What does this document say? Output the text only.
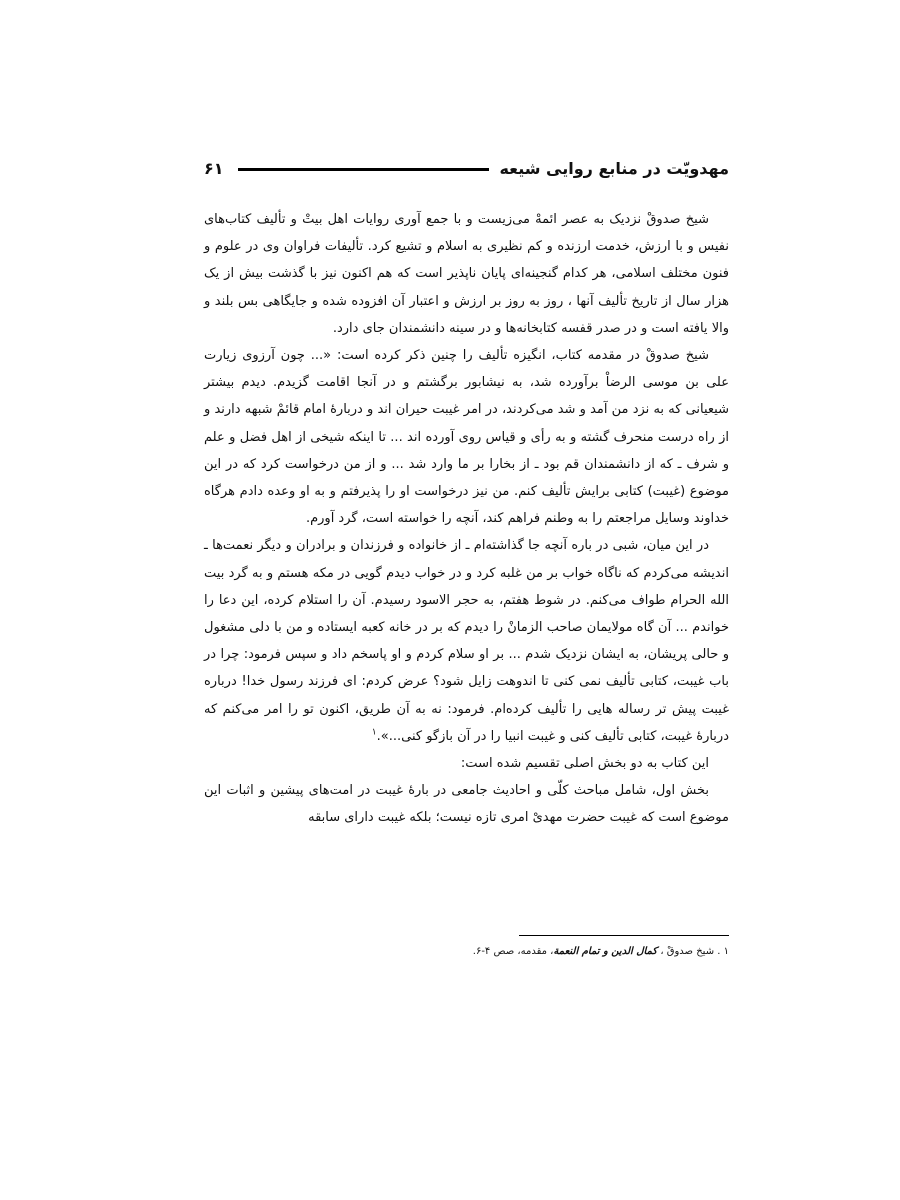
مهدویّت در منابع روایی شیعه
۶۱

شیخ صدوقْ نزدیک به عصر ائمهْ می‌زیست و با جمع آوری روایات اهل بیتْ و تألیف کتاب‌های نفیس و با ارزش، خدمت ارزنده و کم نظیری به اسلام و تشیع کرد. تألیفات فراوان وی در علوم و فنون مختلف اسلامی، هر کدام گنجینه‌ای پایان ناپذیر است که هم اکنون نیز با گذشت بیش از یک هزار سال از تاریخ تألیف آنها ، روز به روز بر ارزش و اعتبار آن افزوده شده و جایگاهی بس بلند و والا یافته است و در صدر قفسه کتابخانه‌ها و در سینه دانشمندان جای دارد.

شیخ صدوقْ در مقدمه کتاب، انگیزه تألیف را چنین ذکر کرده است: «... چون آرزوی زیارت علی بن موسی الرضاْ برآورده شد، به نیشابور برگشتم و در آنجا اقامت گزیدم. دیدم بیشتر شیعیانی که به نزد من آمد و شد می‌کردند، در امر غیبت حیران اند و دربارهٔ امام قائمْ شبهه دارند و از راه درست منحرف گشته و به رأی و قیاس روی آورده اند ... تا اینکه شیخی از اهل فضل و علم و شرف ـ که از دانشمندان قم بود ـ از بخارا بر ما وارد شد ... و از من درخواست کرد که در این موضوع (غیبت) کتابی برایش تألیف کنم. من نیز درخواست او را پذیرفتم و به او وعده دادم هرگاه خداوند وسایل مراجعتم را به وطنم فراهم کند، آنچه را خواسته است، گرد آورم.

در این میان، شبی در باره آنچه جا گذاشته‌ام ـ از خانواده و فرزندان و برادران و دیگر نعمت‌ها ـ اندیشه می‌کردم که ناگاه خواب بر من غلبه کرد و در خواب دیدم گویی در مکه هستم و به گرد بیت الله الحرام طواف می‌کنم. در شوط هفتم، به حجر الاسود رسیدم. آن را استلام کرده، این دعا را خواندم ... آن گاه مولایمان صاحب الزمانْ را دیدم که بر در خانه کعبه ایستاده و من با دلی مشغول و حالی پریشان، به ایشان نزدیک شدم ... بر او سلام کردم و او پاسخم داد و سپس فرمود: چرا در باب غیبت، کتابی تألیف نمی کنی تا اندوهت زایل شود؟ عرض کردم: ای فرزند رسول خدا! درباره غیبت پیش تر رساله هایی را تألیف کرده‌ام. فرمود: نه به آن طریق، اکنون تو را امر می‌کنم که دربارهٔ غیبت، کتابی تألیف کنی و غیبت انبیا را در آن بازگو کنی...».$^۱$

این کتاب به دو بخش اصلی تقسیم شده است:

بخش اول، شامل مباحث کلّی و احادیث جامعی در بارهٔ غیبت در امت‌های پیشین و اثبات این موضوع است که غیبت حضرت مهدیْ امری تازه نیست؛ بلکه غیبت دارای سابقه

۱ . شیخ صدوقْ ، کمال الدین و تمام النعمة، مقدمه، صص ۴-۶.
